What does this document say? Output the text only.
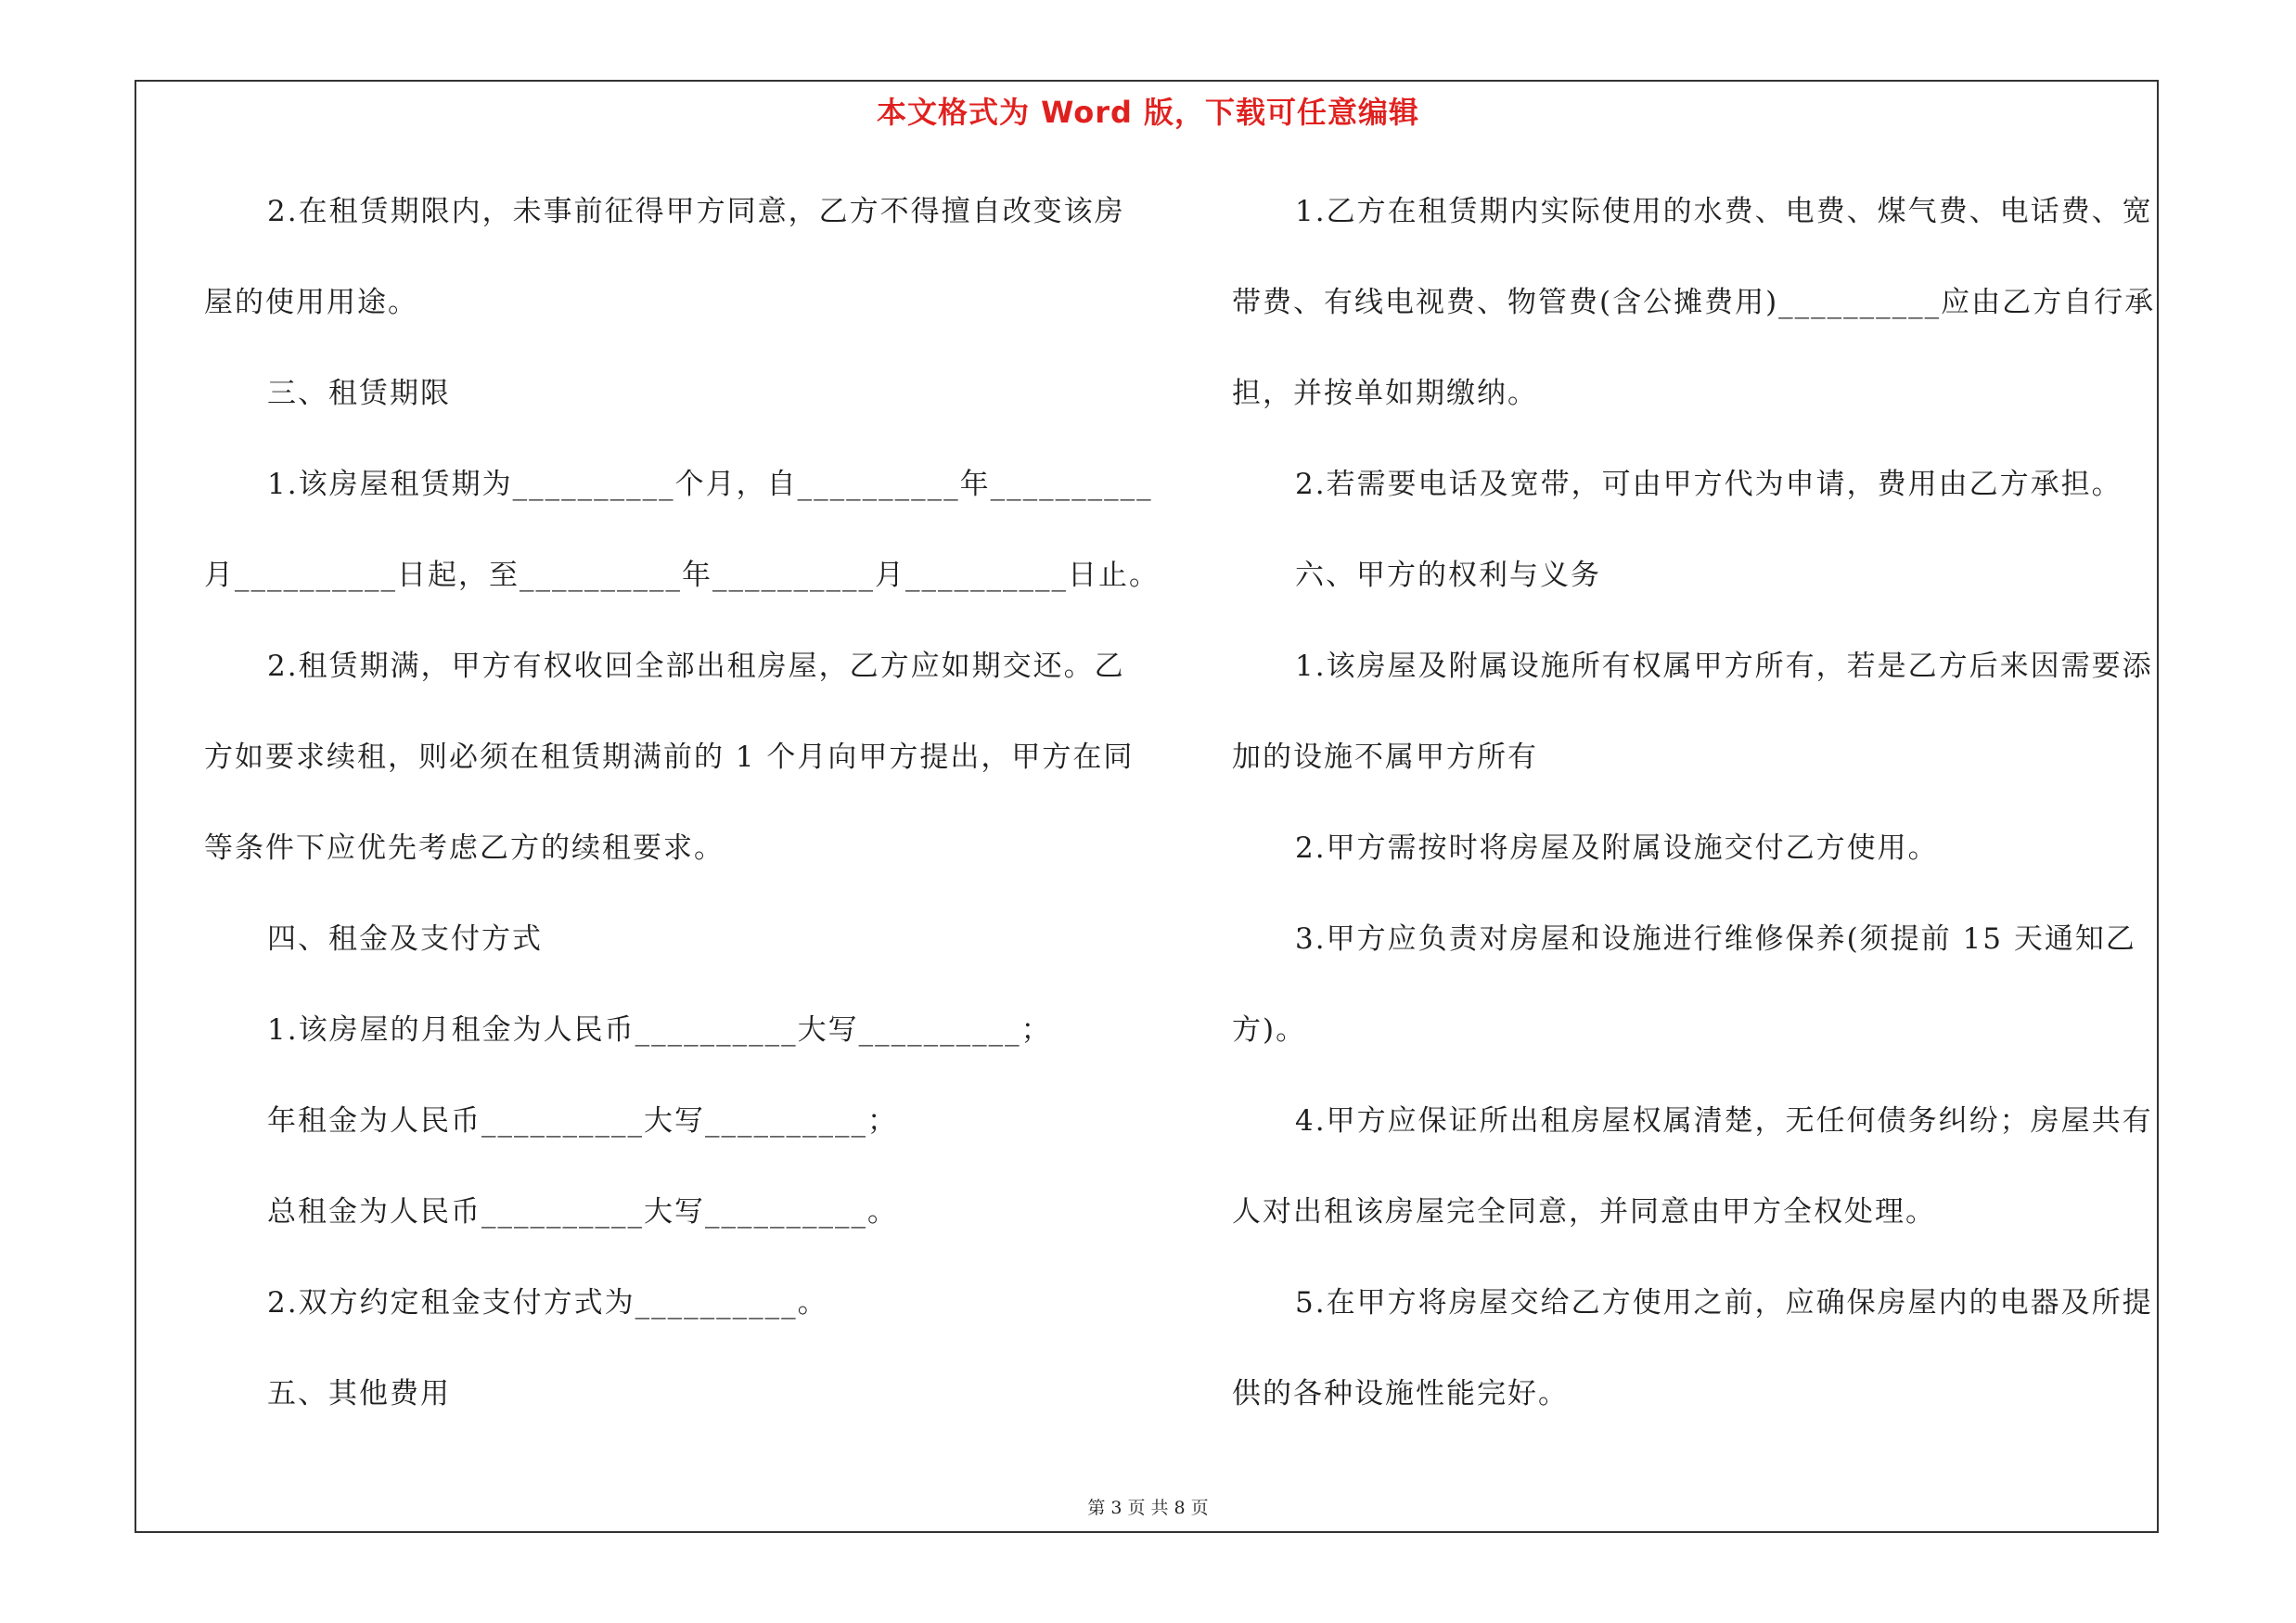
本文格式为 Word 版，下载可任意编辑
2.在租赁期限内，未事前征得甲方同意，乙方不得擅自改变该房
屋的使用用途。
三、租赁期限
1.该房屋租赁期为__________个月，自__________年__________
月__________日起，至__________年__________月__________日止。
2.租赁期满，甲方有权收回全部出租房屋，乙方应如期交还。乙
方如要求续租，则必须在租赁期满前的 1 个月向甲方提出，甲方在同
等条件下应优先考虑乙方的续租要求。
四、租金及支付方式
1.该房屋的月租金为人民币__________大写__________；
年租金为人民币__________大写__________；
总租金为人民币__________大写__________。
2.双方约定租金支付方式为__________。
五、其他费用
1.乙方在租赁期内实际使用的水费、电费、煤气费、电话费、宽
带费、有线电视费、物管费(含公摊费用)__________应由乙方自行承
担，并按单如期缴纳。
2.若需要电话及宽带，可由甲方代为申请，费用由乙方承担。
六、甲方的权利与义务
1.该房屋及附属设施所有权属甲方所有，若是乙方后来因需要添
加的设施不属甲方所有
2.甲方需按时将房屋及附属设施交付乙方使用。
3.甲方应负责对房屋和设施进行维修保养(须提前 15 天通知乙
方)。
4.甲方应保证所出租房屋权属清楚，无任何债务纠纷；房屋共有
人对出租该房屋完全同意，并同意由甲方全权处理。
5.在甲方将房屋交给乙方使用之前，应确保房屋内的电器及所提
供的各种设施性能完好。
第 3 页 共 8 页
